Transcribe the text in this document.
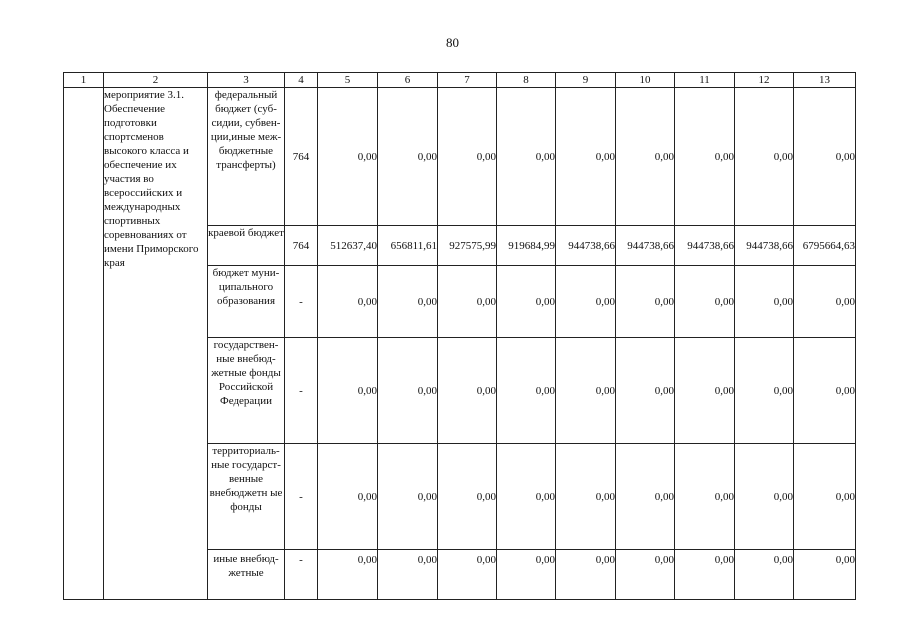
80
1	2	3	4	5	6	7	8	9	10	11	12	13
	мероприятие 3.1. Обеспечение подготовки спортсменов высокого класса и обеспечение их участия во всероссийских и международных спортивных соревнованиях от имени Приморского края	федеральный бюджет (суб-сидии, субвен-ции,иные меж-бюджетные трансферты)	764	0,00	0,00	0,00	0,00	0,00	0,00	0,00	0,00	0,00
		краевой бюджет	764	512637,40	656811,61	927575,99	919684,99	944738,66	944738,66	944738,66	944738,66	6795664,63
		бюджет муни-ципального образования	-	0,00	0,00	0,00	0,00	0,00	0,00	0,00	0,00	0,00
		государствен-ные внебюд-жетные фонды Российской Федерации	-	0,00	0,00	0,00	0,00	0,00	0,00	0,00	0,00	0,00
		территориаль-ные государст-венные внебюджетн ые фонды	-	0,00	0,00	0,00	0,00	0,00	0,00	0,00	0,00	0,00
		иные внебюд-жетные	-	0,00	0,00	0,00	0,00	0,00	0,00	0,00	0,00	0,00
